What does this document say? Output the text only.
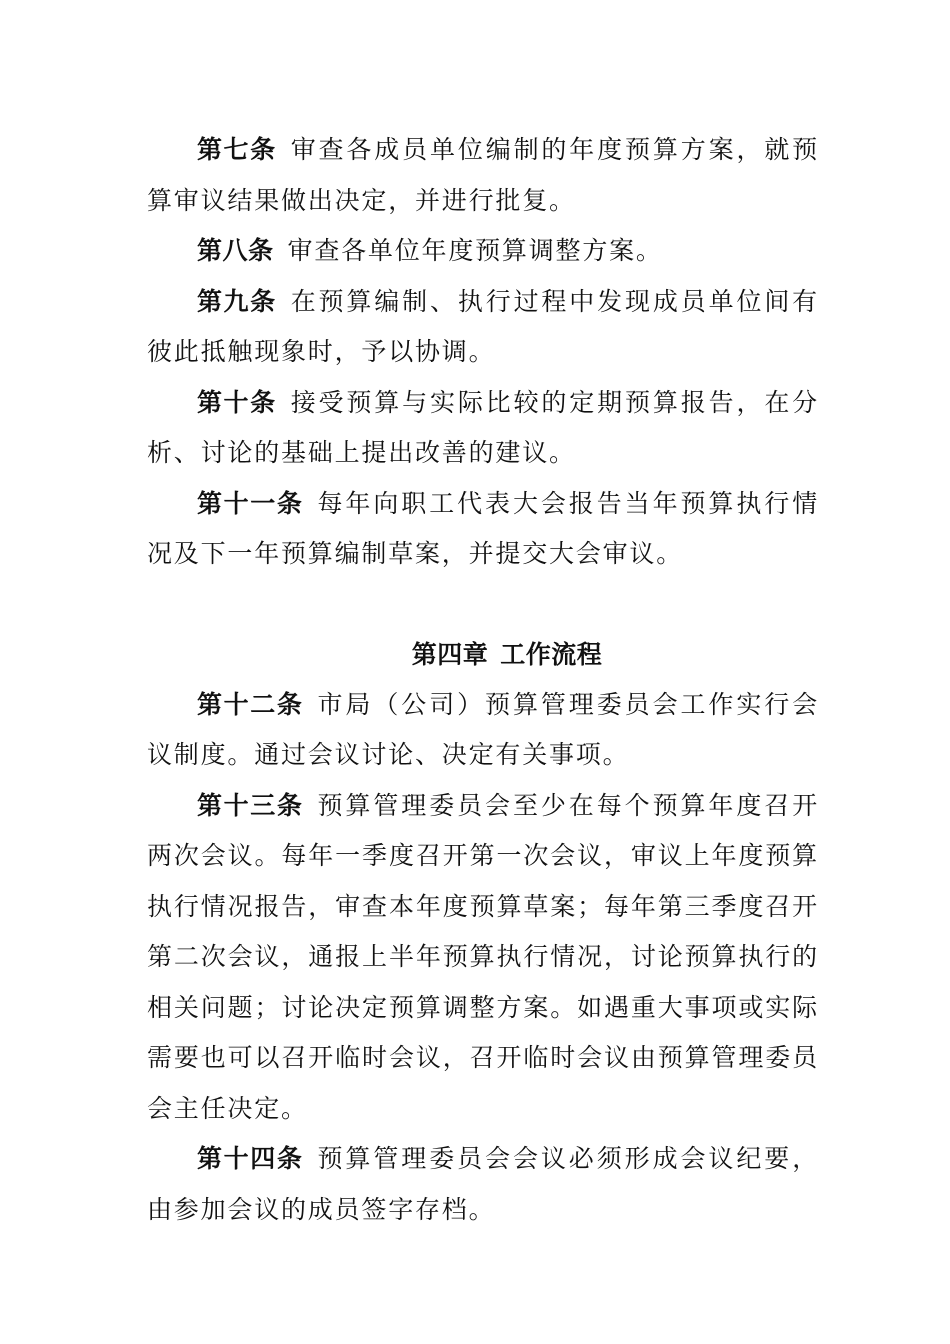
第七条 审查各成员单位编制的年度预算方案，就预算审议结果做出决定，并进行批复。

第八条 审查各单位年度预算调整方案。

第九条 在预算编制、执行过程中发现成员单位间有彼此抵触现象时，予以协调。

第十条 接受预算与实际比较的定期预算报告，在分析、讨论的基础上提出改善的建议。

第十一条 每年向职工代表大会报告当年预算执行情况及下一年预算编制草案，并提交大会审议。

第四章 工作流程

第十二条 市局（公司）预算管理委员会工作实行会议制度。通过会议讨论、决定有关事项。

第十三条 预算管理委员会至少在每个预算年度召开两次会议。每年一季度召开第一次会议，审议上年度预算执行情况报告，审查本年度预算草案；每年第三季度召开第二次会议，通报上半年预算执行情况，讨论预算执行的相关问题；讨论决定预算调整方案。如遇重大事项或实际需要也可以召开临时会议，召开临时会议由预算管理委员会主任决定。

第十四条 预算管理委员会会议必须形成会议纪要，由参加会议的成员签字存档。
